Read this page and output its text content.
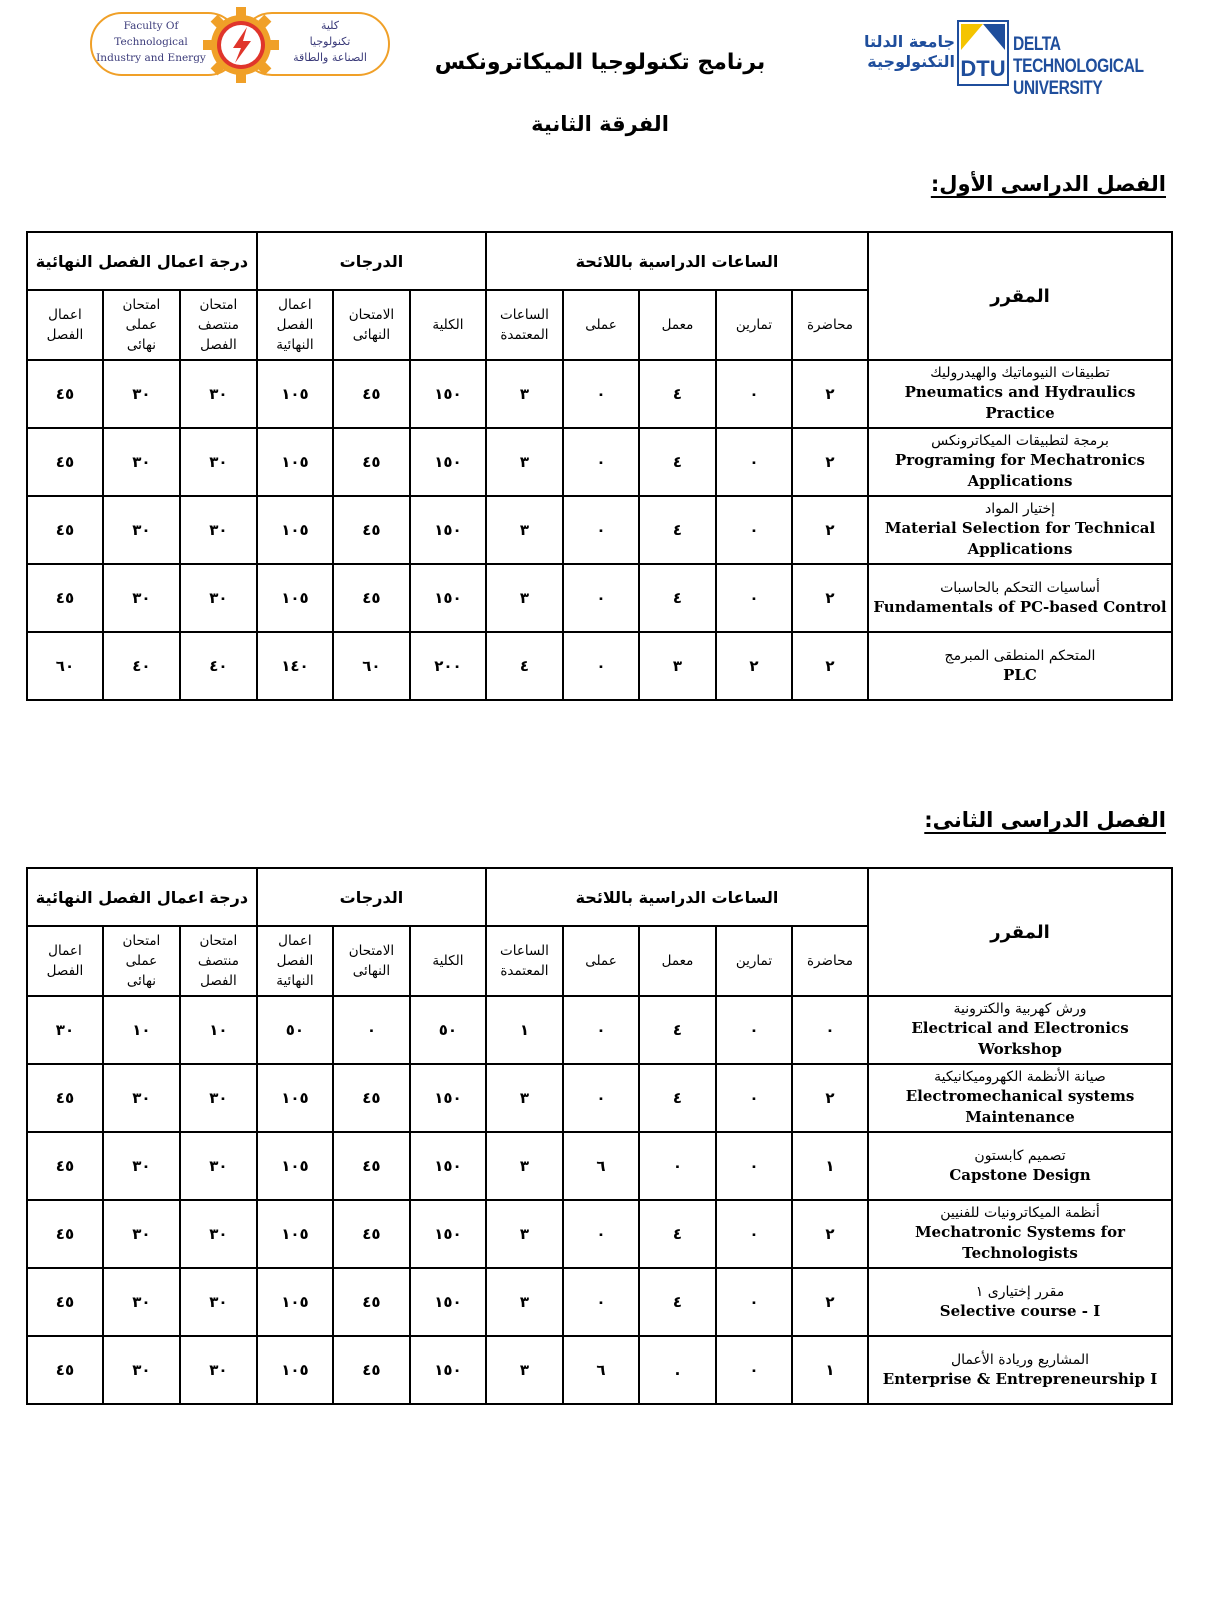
Faculty Of
Technological
Industry and Energy
كلية
تكنولوجيا
الصناعة والطاقة
جامعة الدلتا
التكنولوجية DTU
DELTA TECHNOLOGICAL
UNIVERSITY
برنامج تكنولوجيا الميكاترونكس
الفرقة الثانية
الفصل الدراسى الأول:
المقرر	الساعات الدراسية باللائحة					الدرجات			درجة اعمال الفصل النهائية		
	محاضرة	تمارين	معمل	عملى	الساعات المعتمدة	الكلية	الامتحان النهائى	اعمال الفصل النهائية	امتحان منتصف الفصل	امتحان عملى نهائى	اعمال الفصل

تطبيقات النيوماتيك والهيدروليك
Pneumatics and Hydraulics Practice	٢	٠	٤	٠	٣	١٥٠	٤٥	١٠٥	٣٠	٣٠	٤٥

برمجة لتطبيقات الميكاترونكس
Programing for Mechatronics Applications	٢	٠	٤	٠	٣	١٥٠	٤٥	١٠٥	٣٠	٣٠	٤٥

إختيار المواد
Material Selection for Technical Applications	٢	٠	٤	٠	٣	١٥٠	٤٥	١٠٥	٣٠	٣٠	٤٥

أساسيات التحكم بالحاسبات
Fundamentals of PC-based Control	٢	٠	٤	٠	٣	١٥٠	٤٥	١٠٥	٣٠	٣٠	٤٥

المتحكم المنطقى المبرمج
PLC	٢	٢	٣	٠	٤	٢٠٠	٦٠	١٤٠	٤٠	٤٠	٦٠
الفصل الدراسى الثانى:
المقرر	الساعات الدراسية باللائحة					الدرجات			درجة اعمال الفصل النهائية		
	محاضرة	تمارين	معمل	عملى	الساعات المعتمدة	الكلية	الامتحان النهائى	اعمال الفصل النهائية	امتحان منتصف الفصل	امتحان عملى نهائى	اعمال الفصل

ورش كهربية والكترونية
Electrical and Electronics Workshop	٠	٠	٤	٠	١	٥٠	٠	٥٠	١٠	١٠	٣٠

صيانة الأنظمة الكهروميكانيكية
Electromechanical systems Maintenance	٢	٠	٤	٠	٣	١٥٠	٤٥	١٠٥	٣٠	٣٠	٤٥

تصميم كابستون
Capstone Design	١	٠	٠	٦	٣	١٥٠	٤٥	١٠٥	٣٠	٣٠	٤٥

أنظمة الميكاترونيات للفنيين
Mechatronic Systems for Technologists	٢	٠	٤	٠	٣	١٥٠	٤٥	١٠٥	٣٠	٣٠	٤٥

مقرر إختيارى ١
Selective course - I	٢	٠	٤	٠	٣	١٥٠	٤٥	١٠٥	٣٠	٣٠	٤٥

المشاريع وريادة الأعمال
Enterprise & Entrepreneurship I	١	٠	.	٦	٣	١٥٠	٤٥	١٠٥	٣٠	٣٠	٤٥
